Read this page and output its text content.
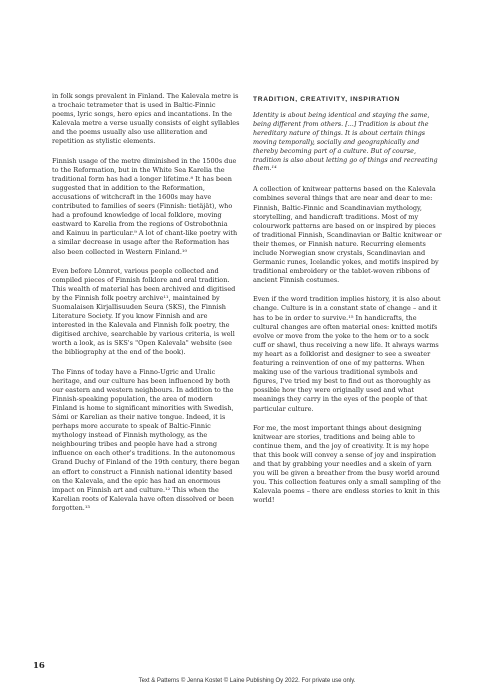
in folk songs prevalent in Finland. The Kalevala metre is a trochaic tetrameter that is used in Baltic-Finnic poems, lyric songs, hero epics and incantations. In the Kalevala metre a verse usually consists of eight syllables and the poems usually also use alliteration and repetition as stylistic elements.

Finnish usage of the metre diminished in the 1500s due to the Reformation, but in the White Sea Karelia the traditional form has had a longer lifetime.⁸ It has been suggested that in addition to the Reformation, accusations of witchcraft in the 1600s may have contributed to families of seers (Finnish: tietäjät), who had a profound knowledge of local folklore, moving eastward to Karelia from the regions of Ostrobothnia and Kainuu in particular.⁹ A lot of chant-like poetry with a similar decrease in usage after the Reformation has also been collected in Western Finland.¹⁰

Even before Lönnrot, various people collected and compiled pieces of Finnish folklore and oral tradition. This wealth of material has been archived and digitised by the Finnish folk poetry archive¹¹, maintained by Suomalaisen Kirjallisuuden Seura (SKS), the Finnish Literature Society. If you know Finnish and are interested in the Kalevala and Finnish folk poetry, the digitised archive, searchable by various criteria, is well worth a look, as is SKS's "Open Kalevala" website (see the bibliography at the end of the book).

The Finns of today have a Finno-Ugric and Uralic heritage, and our culture has been influenced by both our eastern and western neighbours. In addition to the Finnish-speaking population, the area of modern Finland is home to significant minorities with Swedish, Sámi or Karelian as their native tongue. Indeed, it is perhaps more accurate to speak of Baltic-Finnic mythology instead of Finnish mythology, as the neighbouring tribes and people have had a strong influence on each other's traditions. In the autonomous Grand Duchy of Finland of the 19th century, there began an effort to construct a Finnish national identity based on the Kalevala, and the epic has had an enormous impact on Finnish art and culture.¹² This when the Karelian roots of Kalevala have often dissolved or been forgotten.¹³

TRADITION, CREATIVITY, INSPIRATION

Identity is about being identical and staying the same, being different from others. [...] Tradition is about the hereditary nature of things. It is about certain things moving temporally, socially and geographically and thereby becoming part of a culture. But of course, tradition is also about letting go of things and recreating them.¹⁴

A collection of knitwear patterns based on the Kalevala combines several things that are near and dear to me: Finnish, Baltic-Finnic and Scandinavian mythology, storytelling, and handicraft traditions. Most of my colourwork patterns are based on or inspired by pieces of traditional Finnish, Scandinavian or Baltic knitwear or their themes, or Finnish nature. Recurring elements include Norwegian snow crystals, Scandinavian and Germanic runes, Icelandic yokes, and motifs inspired by traditional embroidery or the tablet-woven ribbons of ancient Finnish costumes.

Even if the word tradition implies history, it is also about change. Culture is in a constant state of change – and it has to be in order to survive.¹⁵ In handicrafts, the cultural changes are often material ones: knitted motifs evolve or move from the yoke to the hem or to a sock cuff or shawl, thus receiving a new life. It always warms my heart as a folklorist and designer to see a sweater featuring a reinvention of one of my patterns. When making use of the various traditional symbols and figures, I've tried my best to find out as thoroughly as possible how they were originally used and what meanings they carry in the eyes of the people of that particular culture.

For me, the most important things about designing knitwear are stories, traditions and being able to continue them, and the joy of creativity. It is my hope that this book will convey a sense of joy and inspiration and that by grabbing your needles and a skein of yarn you will be given a breather from the busy world around you. This collection features only a small sampling of the Kalevala poems – there are endless stories to knit in this world!

16
Text & Patterns © Jenna Kostet © Laine Publishing Oy 2022. For private use only.
